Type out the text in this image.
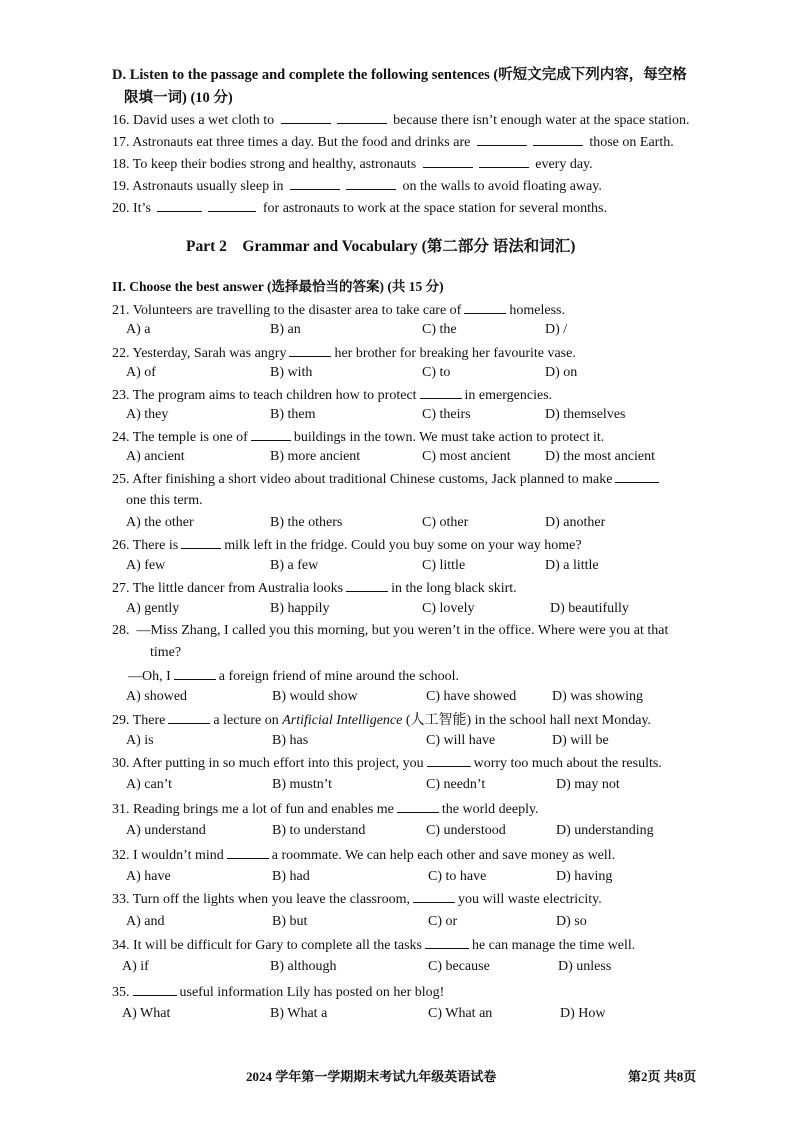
D. Listen to the passage and complete the following sentences (听短文完成下列内容，每空格
限填一词) (10 分)
16. David uses a wet cloth to	because there isn’t enough water at the space station.
17. Astronauts eat three times a day. But the food and drinks are	those on Earth.
18. To keep their bodies strong and healthy, astronauts	every day.
19. Astronauts usually sleep in	on the walls to avoid floating away.
20. It’s	for astronauts to work at the space station for several months.
Part 2 Grammar and Vocabulary (第二部分 语法和词汇)
II. Choose the best answer (选择最恰当的答案) (共 15 分)
21. Volunteers are travelling to the disaster area to take care of	homeless.
A) a	B) an	C) the	D) /
22. Yesterday, Sarah was angry	her brother for breaking her favourite vase.
A) of	B) with	C) to	D) on
23. The program aims to teach children how to protect	in emergencies.
A) they	B) them	C) theirs	D) themselves
24. The temple is one of	buildings in the town. We must take action to protect it.
A) ancient	B) more ancient	C) most ancient D) the most ancient
25. After finishing a short video about traditional Chinese customs, Jack planned to make
one this term.
A) the other	B) the others	C) other	D) another
26. There is	milk left in the fridge. Could you buy some on your way home?
A) few	B) a few	C) little	D) a little
27. The little dancer from Australia looks	in the long black skirt.
A) gently	B) happily	C) lovely	D) beautifully
28. —Miss Zhang, I called you this morning, but you weren’t in the office. Where were you at that
time?
—Oh, I	a foreign friend of mine around the school.
A) showed	B) would show	C) have showed	D) was showing
29. There	a lecture on Artificial Intelligence (人工智能) in the school hall next Monday.
A) is	B) has	C) will have	D) will be
30. After putting in so much effort into this project, you	worry too much about the results.
A) can’t	B) mustn’t	C) needn’t	D) may not
31. Reading brings me a lot of fun and enables me	the world deeply.
A) understand	B) to understand	C) understood	D) understanding
32. I wouldn’t mind	a roommate. We can help each other and save money as well.
A) have	B) had	C) to have	D) having
33. Turn off the lights when you leave the classroom,	you will waste electricity.
A) and	B) but	C) or	D) so
34. It will be difficult for Gary to complete all the tasks	he can manage the time well.
A) if	B) although	C) because	D) unless
35.	useful information Lily has posted on her blog!
A) What	B) What a	C) What an	D) How
2024 学年第一学期期末考试九年级英语试卷	第2页 共8页
